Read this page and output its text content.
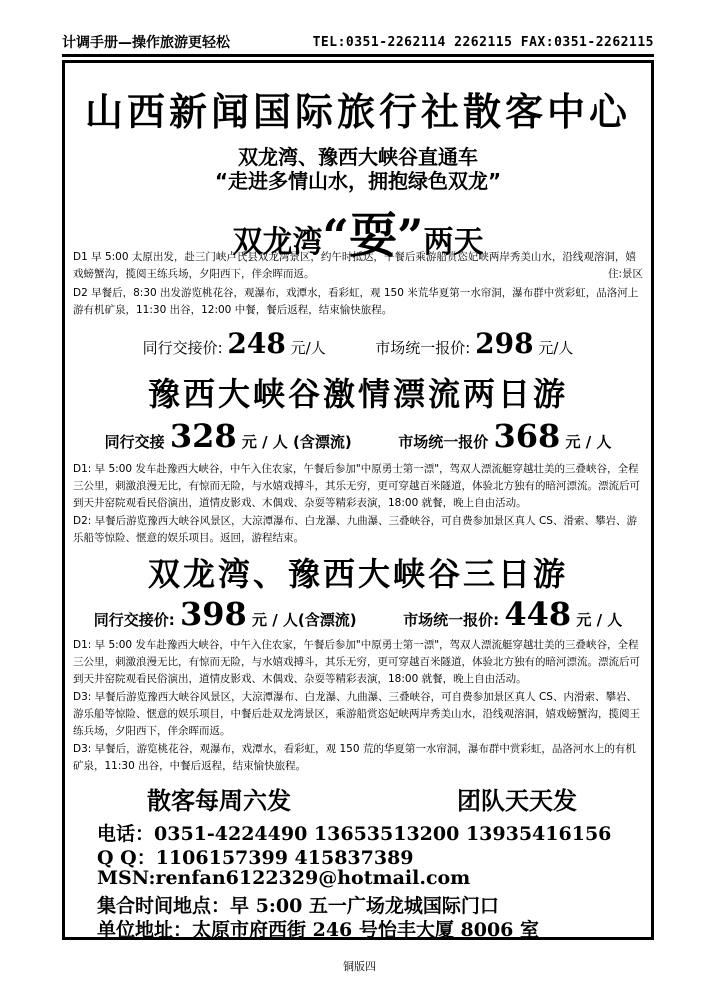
计调手册—操作旅游更轻松	TEL:0351-2262114 2262115 FAX:0351-2262115
山西新闻国际旅行社散客中心
双龙湾、豫西大峡谷直通车
“走进多情山水，拥抱绿色双龙”
双龙湾“耍”两天
D1 早 5:00 太原出发，赴三门峡卢氏县双龙湾景区，约午时抵达，午餐后乘游船赏恣妃峡两岸秀美山水，沿线观溶洞，嬉戏螃蟹沟，揽阅王练兵场，夕阳西下，伴余晖而返。	住:景区
D2 早餐后，8:30 出发游览桃花谷，观瀑布，戏潭水，看彩虹，观 150 米荒华夏第一水帘洞，瀑布群中赏彩虹，品洛河上游有机矿泉，11:30 出谷，12:00 中餐，餐后返程，结束愉快旅程。
同行交接价: 248 元/人	市场统一报价: 298 元/人
豫西大峡谷激情漂流两日游
同行交接 328 元 / 人 (含漂流)	市场统一报价 368 元 / 人
D1: 早 5:00 发车赴豫西大峡谷，中午入住农家，午餐后参加"中原勇士第一漂"，驾双人漂流艇穿越壮美的三叠峡谷，全程三公里，刺激浪漫无比，有惊而无险，与水嬉戏搏斗，其乐无穷，更可穿越百米隧道，体验北方独有的暗河漂流。漂流后可到天井窑院观看民俗演出，道情皮影戏、木偶戏、杂耍等精彩表演，18:00 就餐，晚上自由活动。
D2: 早餐后游览豫西大峡谷风景区，大涼潭瀑布、白龙瀑、九曲瀑、三叠峡谷，可自费参加景区真人 CS、滑索、攀岩、游乐船等惊险、惬意的娱乐项目。返回，游程结束。
双龙湾、豫西大峡谷三日游
同行交接价: 398 元 / 人(含漂流)	市场统一报价: 448 元 / 人
D1: 早 5:00 发车赴豫西大峡谷，中午入住农家，午餐后参加"中原勇士第一漂"，驾双人漂流艇穿越壮美的三叠峡谷，全程三公里，刺激浪漫无比，有惊而无险，与水嬉戏搏斗，其乐无穷，更可穿越百米隧道，体验北方独有的暗河漂流。漂流后可到天井窑院观看民俗演出，道情皮影戏、木偶戏、杂耍等精彩表演，18:00 就餐，晚上自由活动。
D3: 早餐后游览豫西大峡谷风景区，大涼潭瀑布、白龙瀑、九曲瀑、三叠峡谷，可自费参加景区真人 CS、内滑索、攀岩、游乐船等惊险、惬意的娱乐项目，中餐后赴双龙湾景区，乘游船赏恣妃峡两岸秀美山水，沿线观溶洞，嬉戏螃蟹沟，揽阅王练兵场，夕阳西下，伴余晖而返。
D3: 早餐后，游览桃花谷，观瀑布，戏潭水，看彩虹，观 150 荒的华夏第一水帘洞，瀑布群中赏彩虹，品洛河水上的有机矿泉，11:30 出谷，中餐后返程，结束愉快旅程。
散客每周六发	团队天天发
电话：0351-4224490 13653513200 13935416156
Q Q：1106157399 415837389
MSN:renfan6122329@hotmail.com
集合时间地点：早 5:00 五一广场龙城国际门口
单位地址：太原市府西街 246 号怡丰大厦 8006 室
铜版四
